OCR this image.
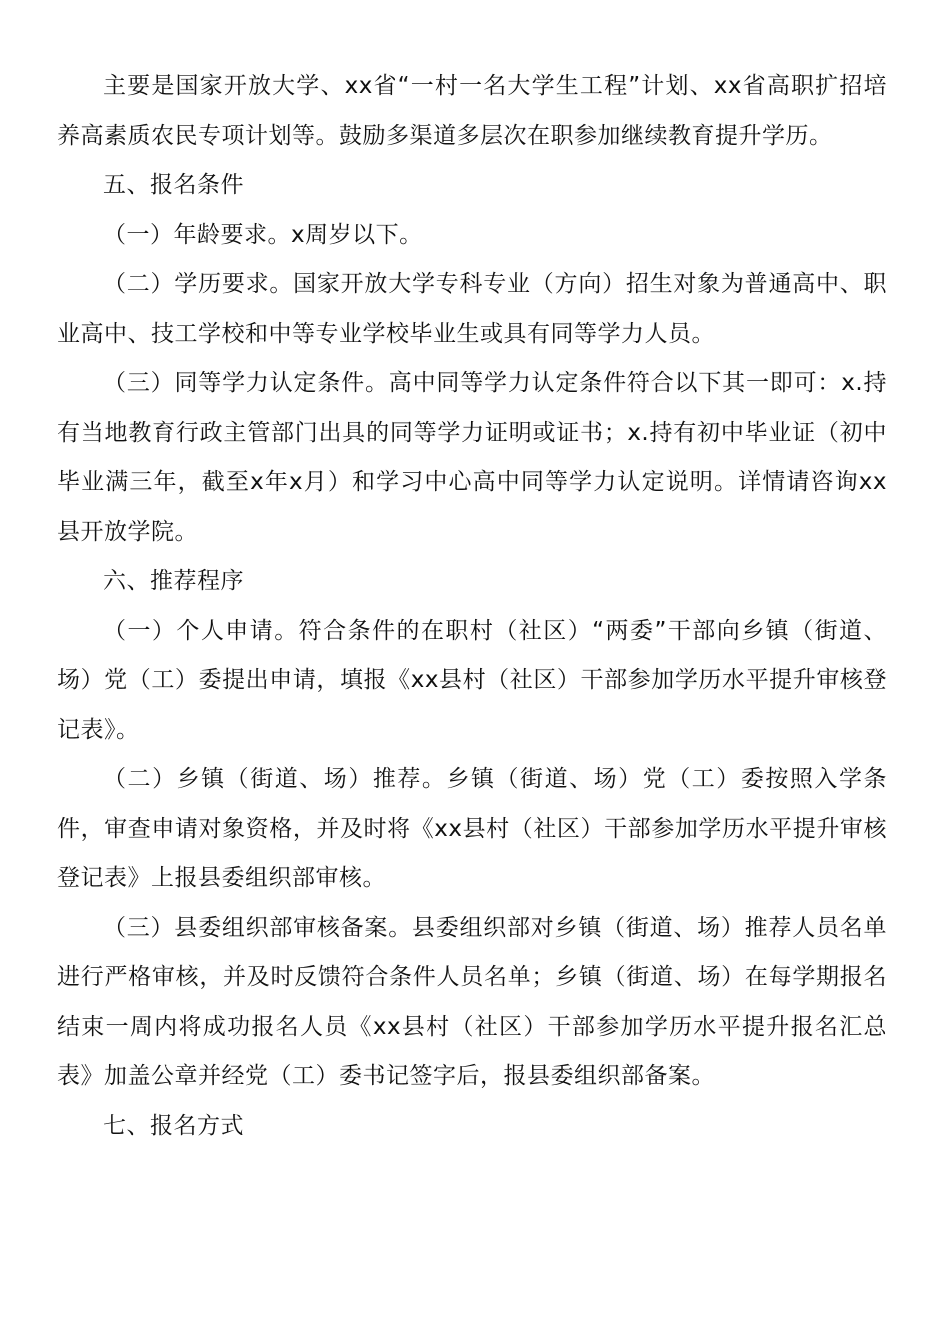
主要是国家开放大学、xx省“一村一名大学生工程”计划、xx省高职扩招培养高素质农民专项计划等。鼓励多渠道多层次在职参加继续教育提升学历。

五、报名条件

（一）年龄要求。x周岁以下。

（二）学历要求。国家开放大学专科专业（方向）招生对象为普通高中、职业高中、技工学校和中等专业学校毕业生或具有同等学力人员。

（三）同等学力认定条件。高中同等学力认定条件符合以下其一即可：x.持有当地教育行政主管部门出具的同等学力证明或证书；x.持有初中毕业证（初中毕业满三年，截至x年x月）和学习中心高中同等学力认定说明。详情请咨询xx县开放学院。

六、推荐程序

（一）个人申请。符合条件的在职村（社区）“两委”干部向乡镇（街道、场）党（工）委提出申请，填报《xx县村（社区）干部参加学历水平提升审核登记表》。

（二）乡镇（街道、场）推荐。乡镇（街道、场）党（工）委按照入学条件，审查申请对象资格，并及时将《xx县村（社区）干部参加学历水平提升审核登记表》上报县委组织部审核。

（三）县委组织部审核备案。县委组织部对乡镇（街道、场）推荐人员名单进行严格审核，并及时反馈符合条件人员名单；乡镇（街道、场）在每学期报名结束一周内将成功报名人员《xx县村（社区）干部参加学历水平提升报名汇总表》加盖公章并经党（工）委书记签字后，报县委组织部备案。

七、报名方式
